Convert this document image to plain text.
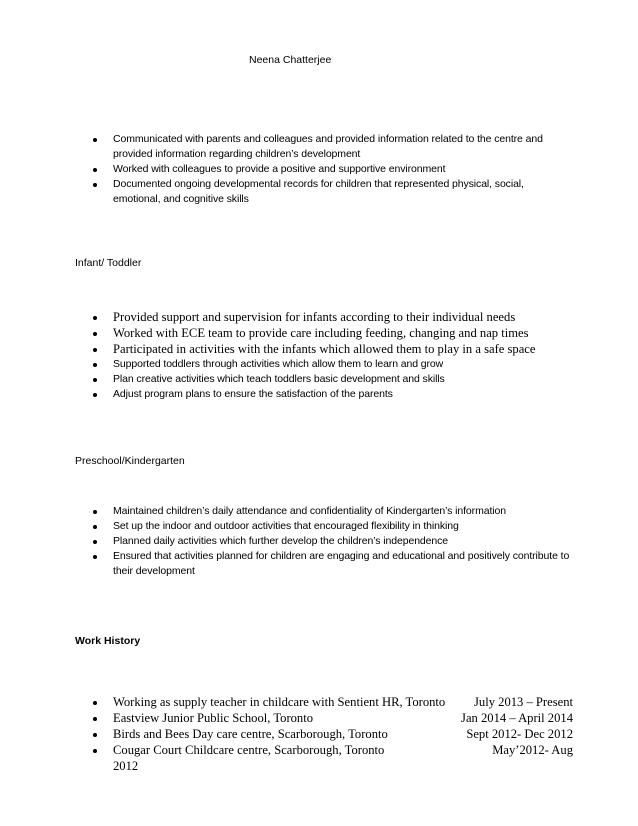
Neena Chatterjee
Communicated with parents and colleagues and provided information related to the centre and provided information regarding children’s development
Worked with colleagues to provide a positive and supportive environment
Documented ongoing developmental records for children that represented physical, social, emotional, and cognitive skills
Infant/ Toddler
Provided support and supervision for infants according to their individual needs
Worked with ECE team to provide care including feeding, changing and nap times
Participated in activities with the infants which allowed them to play in a safe space
Supported toddlers through activities which allow them to learn and grow
Plan creative activities which teach toddlers basic development and skills
Adjust program plans to ensure the satisfaction of the parents
Preschool/Kindergarten
Maintained children’s daily attendance and confidentiality of Kindergarten’s information
Set up the indoor and outdoor activities that encouraged flexibility in thinking
Planned daily activities which further develop the children’s independence
Ensured that activities planned for children are engaging and educational and positively contribute to their development
Work History
Working as supply teacher in childcare with Sentient HR, Toronto July 2013 – Present
Eastview Junior Public School, Toronto	Jan 2014 – April 2014
Birds and Bees Day care centre, Scarborough, Toronto	Sept 2012- Dec 2012
Cougar Court Childcare centre, Scarborough, Toronto	May’2012- Aug
2012
